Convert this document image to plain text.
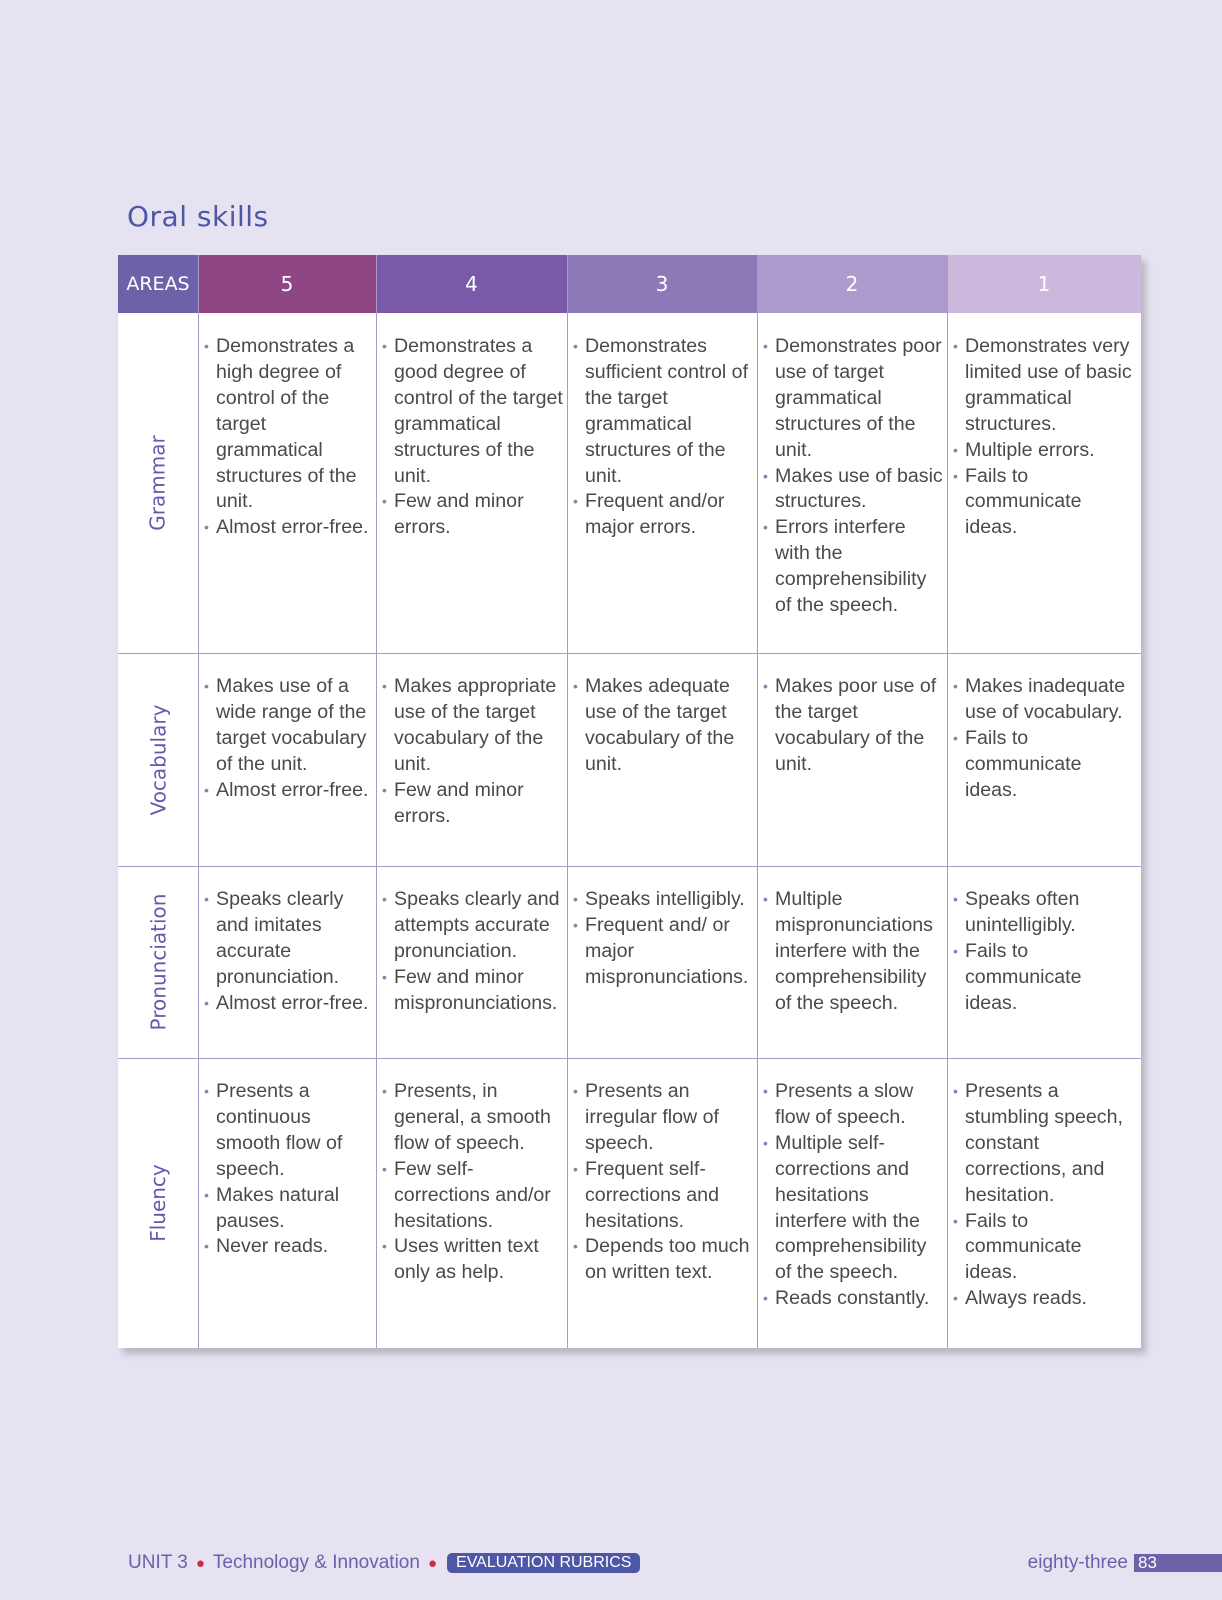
Oral skills
AREAS	5	4	3	2	1
Grammar
• Demonstrates a high degree of control of the target grammatical structures of the unit.
• Almost error-free.
• Demonstrates a good degree of control of the target grammatical structures of the unit.
• Few and minor errors.
• Demonstrates sufficient control of the target grammatical structures of the unit.
• Frequent and/or major errors.
• Demonstrates poor use of target grammatical structures of the unit.
• Makes use of basic structures.
• Errors interfere with the comprehensibility of the speech.
• Demonstrates very limited use of basic grammatical structures.
• Multiple errors.
• Fails to communicate ideas.
Vocabulary
• Makes use of a wide range of the target vocabulary of the unit.
• Almost error-free.
• Makes appropriate use of the target vocabulary of the unit.
• Few and minor errors.
• Makes adequate use of the target vocabulary of the unit.
• Makes poor use of the target vocabulary of the unit.
• Makes inadequate use of vocabulary.
• Fails to communicate ideas.
Pronunciation
•	Speaks clearly and imitates accurate pronunciation.
• Almost error-free.
• Speaks clearly and attempts accurate pronunciation.
• Few and minor mispronunciations.
• Speaks intelligibly.
• Frequent and/ or major mispronunciations.
• Multiple mispronunciations interfere with the comprehensibility of the speech.
• Speaks often unintelligibly.
• Fails to communicate ideas.
Fluency
• Presents a continuous smooth flow of speech.
• Makes natural pauses.
• Never reads.
• Presents, in general, a smooth flow of speech.
• Few self-corrections and/or hesitations.
• Uses written text only as help.
• Presents an irregular flow of speech.
• Frequent self-corrections and hesitations.
• Depends too much on written text.
• Presents a slow flow of speech.
• Multiple self-corrections and hesitations interfere with the comprehensibility of the speech.
• Reads constantly.
• Presents a stumbling speech, constant corrections, and hesitation.
• Fails to communicate ideas.
• Always reads.
UNIT 3 ● Technology & Innovation ●	EVALUATION RUBRICS	eighty-three 83
